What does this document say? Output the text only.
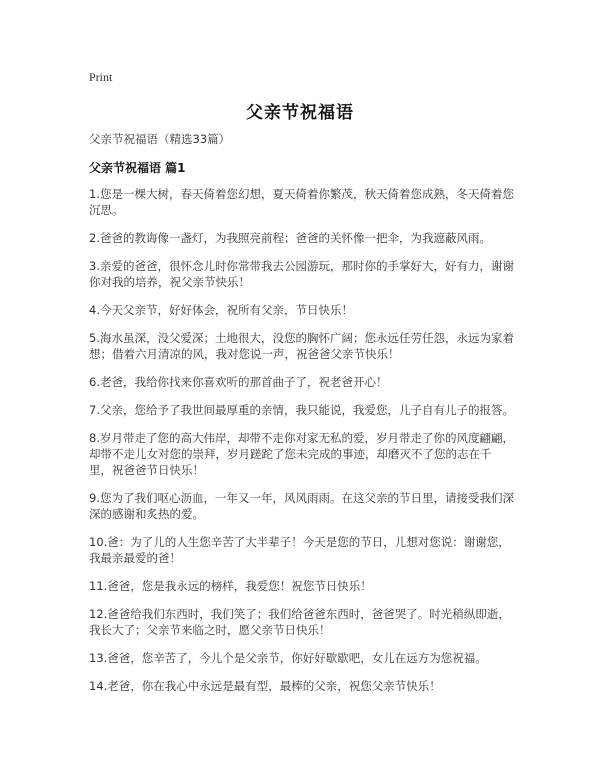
Print
父亲节祝福语
父亲节祝福语（精选33篇）
父亲节祝福语 篇1
1.您是一棵大树，春天倚着您幻想，夏天倚着你繁茂，秋天倚着您成熟，冬天倚着您沉思。
2.爸爸的教诲像一盏灯，为我照亮前程；爸爸的关怀像一把伞，为我遮蔽风雨。
3.亲爱的爸爸，很怀念儿时你常带我去公园游玩，那时你的手掌好大，好有力，谢谢你对我的培养，祝父亲节快乐！
4.今天父亲节，好好体会，祝所有父亲，节日快乐！
5.海水虽深，没父爱深；土地很大，没您的胸怀广阔；您永远任劳任怨，永远为家着想；借着六月清凉的风，我对您说一声，祝爸爸父亲节快乐！
6.老爸，我给你找来你喜欢听的那首曲子了，祝老爸开心！
7.父亲，您给予了我世间最厚重的亲情，我只能说，我爱您，儿子自有儿子的报答。
8.岁月带走了您的高大伟岸，却带不走你对家无私的爱，岁月带走了你的风度翩翩，却带不走儿女对您的崇拜，岁月蹉跎了您未完成的事迹，却磨灭不了您的志在千里，祝爸爸节日快乐！
9.您为了我们呕心沥血，一年又一年，风风雨雨。在这父亲的节日里，请接受我们深深的感谢和炙热的爱。
10.爸：为了儿的人生您辛苦了大半辈子！今天是您的节日，儿想对您说：谢谢您，我最亲最爱的爸！
11.爸爸，您是我永远的榜样，我爱您！祝您节日快乐！
12.爸爸给我们东西时，我们笑了；我们给爸爸东西时，爸爸哭了。时光稍纵即逝，我长大了；父亲节来临之时，愿父亲节日快乐！
13.爸爸，您辛苦了，今儿个是父亲节，你好好歇歇吧，女儿在远方为您祝福。
14.老爸，你在我心中永远是最有型，最棒的父亲，祝您父亲节快乐！
